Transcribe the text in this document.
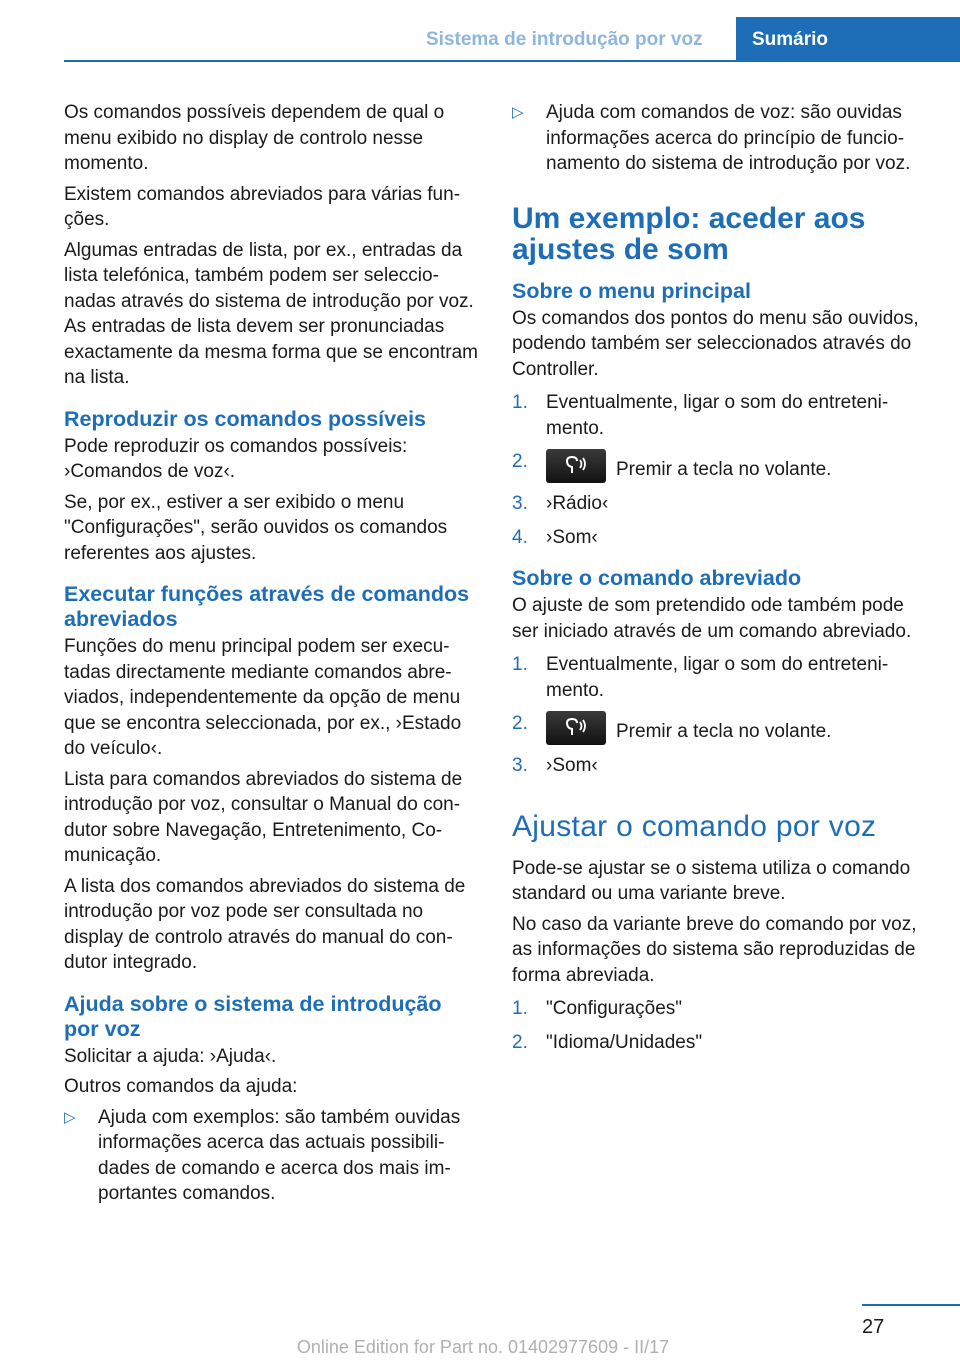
Sistema de introdução por voz	Sumário

Os comandos possíveis dependem de qual o menu exibido no display de controlo nesse momento.

Existem comandos abreviados para várias funções.

Algumas entradas de lista, por ex., entradas da lista telefónica, também podem ser seleccionadas através do sistema de introdução por voz. As entradas de lista devem ser pronunciadas exactamente da mesma forma que se encontram na lista.

Reproduzir os comandos possíveis

Pode reproduzir os comandos possíveis: ›Comandos de voz‹.

Se, por ex., estiver a ser exibido o menu "Configurações", serão ouvidos os comandos referentes aos ajustes.

Executar funções através de comandos abreviados

Funções do menu principal podem ser executadas directamente mediante comandos abreviados, independentemente da opção de menu que se encontra seleccionada, por ex., ›Estado do veículo‹.

Lista para comandos abreviados do sistema de introdução por voz, consultar o Manual do condutor sobre Navegação, Entretenimento, Comunicação.

A lista dos comandos abreviados do sistema de introdução por voz pode ser consultada no display de controlo através do manual do condutor integrado.

Ajuda sobre o sistema de introdução por voz

Solicitar a ajuda: ›Ajuda‹.

Outros comandos da ajuda:

▷ Ajuda com exemplos: são também ouvidas informações acerca das actuais possibilidades de comando e acerca dos mais importantes comandos.
▷ Ajuda com comandos de voz: são ouvidas informações acerca do princípio de funcionamento do sistema de introdução por voz.
Um exemplo: aceder aos ajustes de som
Sobre o menu principal

Os comandos dos pontos do menu são ouvidos, podendo também ser seleccionados através do Controller.

1. Eventualmente, ligar o som do entretenimento.
2.	Premir a tecla no volante.
3. ›Rádio‹
4. ›Som‹
Sobre o comando abreviado

O ajuste de som pretendido ode também pode ser iniciado através de um comando abreviado.

1. Eventualmente, ligar o som do entretenimento.
2.	Premir a tecla no volante.
3. ›Som‹
Ajustar o comando por voz

Pode-se ajustar se o sistema utiliza o comando standard ou uma variante breve.

No caso da variante breve do comando por voz, as informações do sistema são reproduzidas de forma abreviada.

1. "Configurações"
2. "Idioma/Unidades"
27
Online Edition for Part no. 01402977609 - II/17
